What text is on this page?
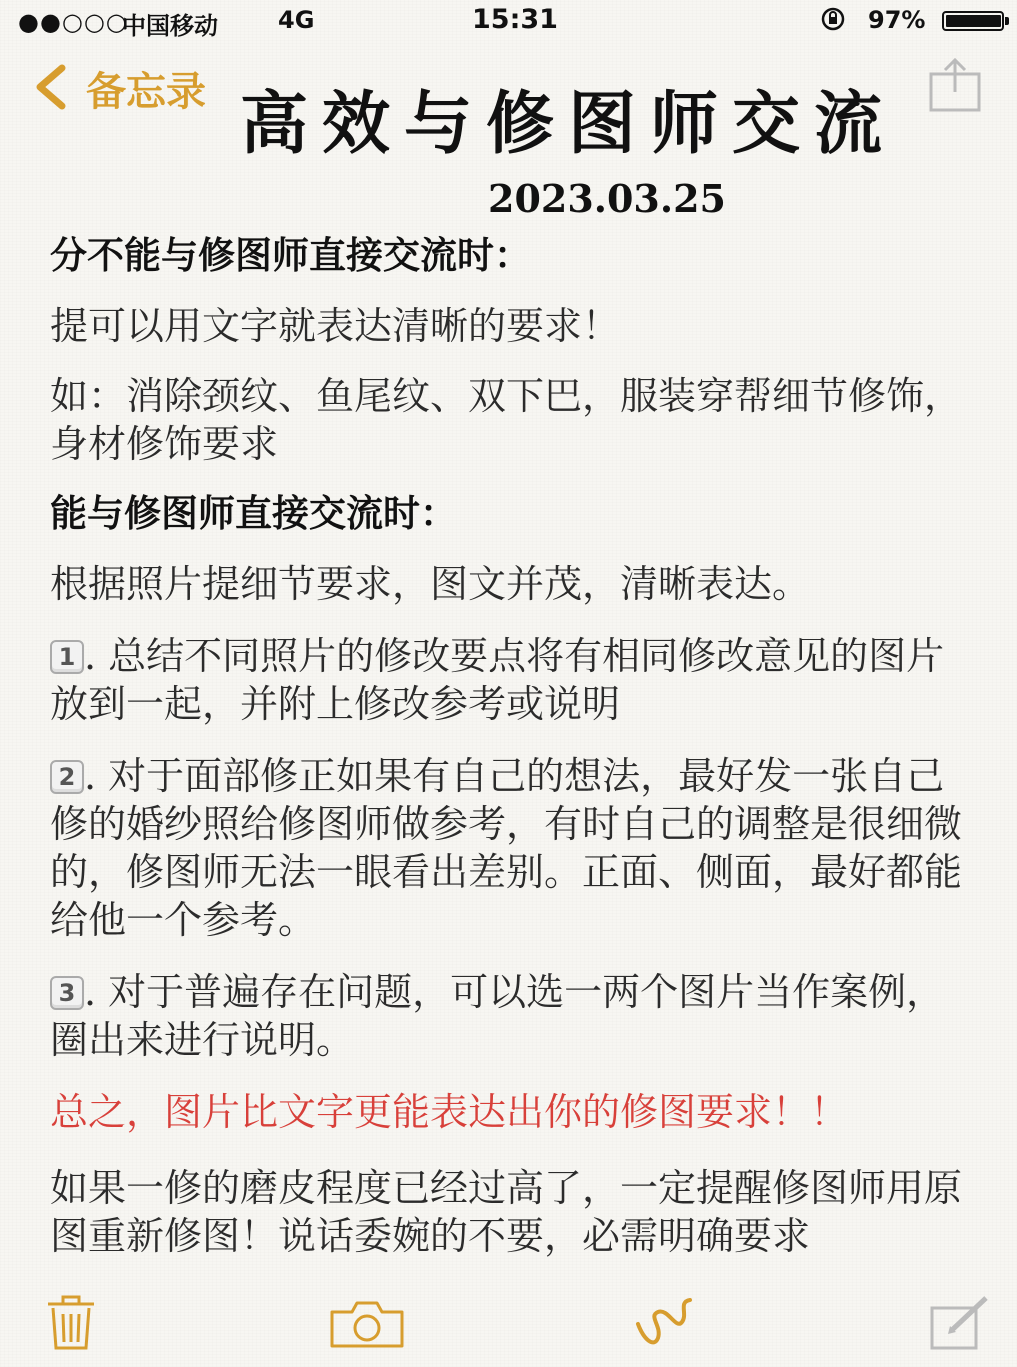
●●○○○
中国移动	4G	15:31	97%
备忘录 高效与修图师交流
2023.03.25

分不能与修图师直接交流时：

提可以用文字就表达清晰的要求！

如：消除颈纹、鱼尾纹、双下巴，服装穿帮细节修饰，身材修饰要求

能与修图师直接交流时：

根据照片提细节要求，图文并茂，清晰表达。

1 . 总结不同照片的修改要点将有相同修改意见的图片放到一起，并附上修改参考或说明

2 . 对于面部修正如果有自己的想法，最好发一张自己修的婚纱照给修图师做参考，有时自己的调整是很细微的，修图师无法一眼看出差别。正面、侧面，最好都能给他一个参考。

3 . 对于普遍存在问题，可以选一两个图片当作案例，圈出来进行说明。

总之，图片比文字更能表达出你的修图要求！！

如果一修的磨皮程度已经过高了，一定提醒修图师用原图重新修图！说话委婉的不要，必需明确要求
